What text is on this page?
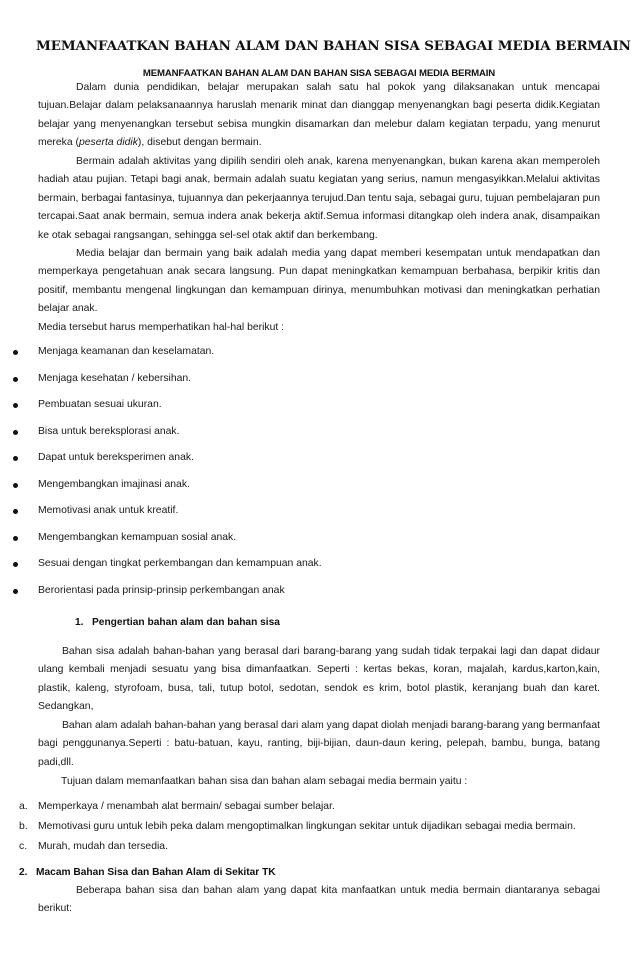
MEMANFAATKAN BAHAN ALAM DAN BAHAN SISA SEBAGAI MEDIA BERMAIN
MEMANFAATKAN BAHAN ALAM DAN BAHAN SISA SEBAGAI MEDIA BERMAIN

Dalam dunia pendidikan, belajar merupakan salah satu hal pokok yang dilaksanakan untuk mencapai tujuan.Belajar dalam pelaksanaannya haruslah menarik minat dan dianggap menyenangkan bagi peserta didik.Kegiatan belajar yang menyenangkan tersebut sebisa mungkin disamarkan dan melebur dalam kegiatan terpadu, yang menurut mereka (peserta didik), disebut dengan bermain.

Bermain adalah aktivitas yang dipilih sendiri oleh anak, karena menyenangkan, bukan karena akan memperoleh hadiah atau pujian. Tetapi bagi anak, bermain adalah suatu kegiatan yang serius, namun mengasyikkan.Melalui aktivitas bermain, berbagai fantasinya, tujuannya dan pekerjaannya terujud.Dan tentu saja, sebagai guru, tujuan pembelajaran pun tercapai.Saat anak bermain, semua indera anak bekerja aktif.Semua informasi ditangkap oleh indera anak, disampaikan ke otak sebagai rangsangan, sehingga sel-sel otak aktif dan berkembang.

Media belajar dan bermain yang baik adalah media yang dapat memberi kesempatan untuk mendapatkan dan memperkaya pengetahuan anak secara langsung. Pun dapat meningkatkan kemampuan berbahasa, berpikir kritis dan positif, membantu mengenal lingkungan dan kemampuan dirinya, menumbuhkan motivasi dan meningkatkan perhatian belajar anak.

Media tersebut harus memperhatikan hal-hal berikut :

Menjaga keamanan dan keselamatan.
Menjaga kesehatan / kebersihan.
Pembuatan sesuai ukuran.
Bisa untuk bereksplorasi anak.
Dapat untuk bereksperimen anak.
Mengembangkan imajinasi anak.
Memotivasi anak untuk kreatif.
Mengembangkan kemampuan sosial anak.
Sesuai dengan tingkat perkembangan dan kemampuan anak.
Berorientasi pada prinsip-prinsip perkembangan anak
1. Pengertian bahan alam dan bahan sisa

Bahan sisa adalah bahan-bahan yang berasal dari barang-barang yang sudah tidak terpakai lagi dan dapat didaur ulang kembali menjadi sesuatu yang bisa dimanfaatkan. Seperti : kertas bekas, koran, majalah, kardus,karton,kain, plastik, kaleng, styrofoam, busa, tali, tutup botol, sedotan, sendok es krim, botol plastik, keranjang buah dan karet. Sedangkan,

Bahan alam adalah bahan-bahan yang berasal dari alam yang dapat diolah menjadi barang-barang yang bermanfaat bagi penggunanya.Seperti : batu-batuan, kayu, ranting, biji-bijian, daun-daun kering, pelepah, bambu, bunga, batang padi,dll.

Tujuan dalam memanfaatkan bahan sisa dan bahan alam sebagai media bermain yaitu :

a. Memperkaya / menambah alat bermain/ sebagai sumber belajar.
b. Memotivasi guru untuk lebih peka dalam mengoptimalkan lingkungan sekitar untuk dijadikan sebagai media bermain.
c. Murah, mudah dan tersedia.
2. Macam Bahan Sisa dan Bahan Alam di Sekitar TK

Beberapa bahan sisa dan bahan alam yang dapat kita manfaatkan untuk media bermain diantaranya sebagai berikut:
